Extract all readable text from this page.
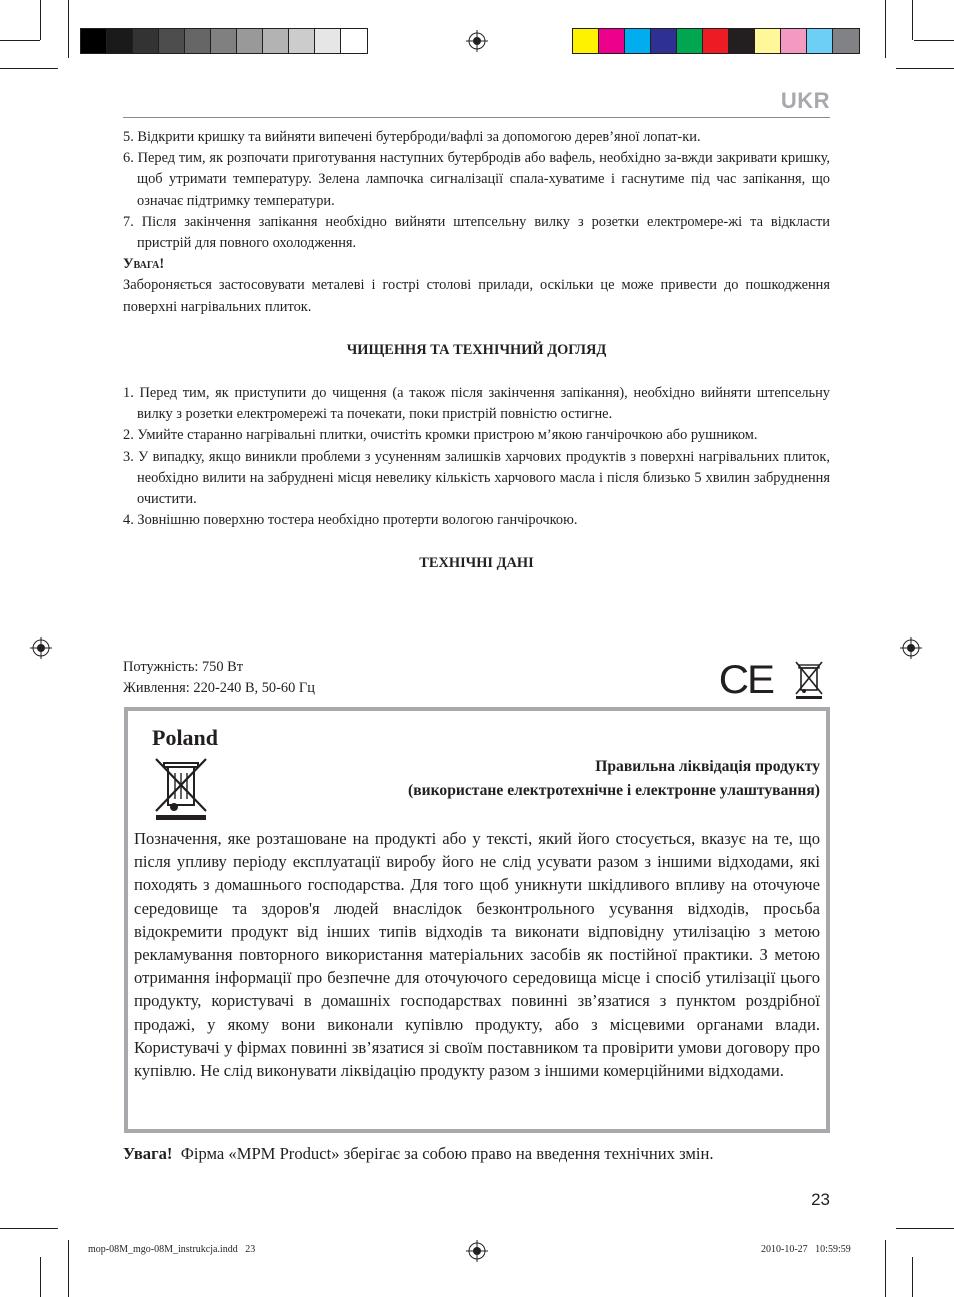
UKR

5. Відкрити кришку та вийняти випечені бутерброди/вафлі за допомогою дерев’яної лопат-ки.

6. Перед тим, як розпочати приготування наступних бутербродів або вафель, необхідно за-вжди закривати кришку, щоб утримати температуру. Зелена лампочка сигналізації спала-хуватиме і гаснутиме під час запікання, що означає підтримку температури.

7. Після закінчення запікання необхідно вийняти штепсельну вилку з розетки електромере-жі та відкласти пристрій для повного охолодження.

Увага!

Забороняється застосовувати металеві і гострі столові прилади, оскільки це може привести до пошкодження поверхні нагрівальних плиток.

ЧИЩЕННЯ ТА ТЕХНІЧНИЙ ДОГЛЯД

1. Перед тим, як приступити до чищення (а також після закінчення запікання), необхідно вийняти штепсельну вилку з розетки електромережі та почекати, поки пристрій повністю остигне.

2. Умийте старанно нагрівальні плитки, очистіть кромки пристрою м’якою ганчірочкою або рушником.

3. У випадку, якщо виникли проблеми з усуненням залишків харчових продуктів з поверхні нагрівальних плиток, необхідно вилити на забруднені місця невелику кількість харчового масла і після близько 5 хвилин забруднення очистити.

4. Зовнішню поверхню тостера необхідно протерти вологою ганчірочкою.

ТЕХНІЧНІ ДАНІ

Потужність: 750 Вт
Живлення: 220-240 В, 50-60 Гц	CE
Poland
Правильна ліквідація продукту
(використане електротехнічне і електронне улаштування)
Позначення, яке розташоване на продукті або у тексті, який його стосується, вказує на те, що після упливу періоду експлуатації виробу його не слід усувати разом з іншими відходами, які походять з домашнього господарства. Для того щоб уникнути шкідливого впливу на оточуюче середовище та здоров'я людей внаслідок безконтрольного усування відходів, просьба відокремити продукт від інших типів відходів та виконати відповідну утилізацію з метою рекламування повторного використання матеріальних засобів як постійної практики. З метою отримання інформації про безпечне для оточуючого середовища місце і спосіб утилізації цього продукту, користувачі в домашніх господарствах повинні зв’язатися з пунктом роздрібної продажі, у якому вони виконали купівлю продукту, або з місцевими органами влади. Користувачі у фірмах повинні зв’язатися зі своїм поставником та провірити умови договору про купівлю. Не слід виконувати ліквідацію продукту разом з іншими комерційними відходами.
Увага! Фірма «MPM Product» зберігає за собою право на введення технічних змін.
23
mop-08M_mgo-08M_instrukcja.indd   23	2010-10-27   10:59:59
